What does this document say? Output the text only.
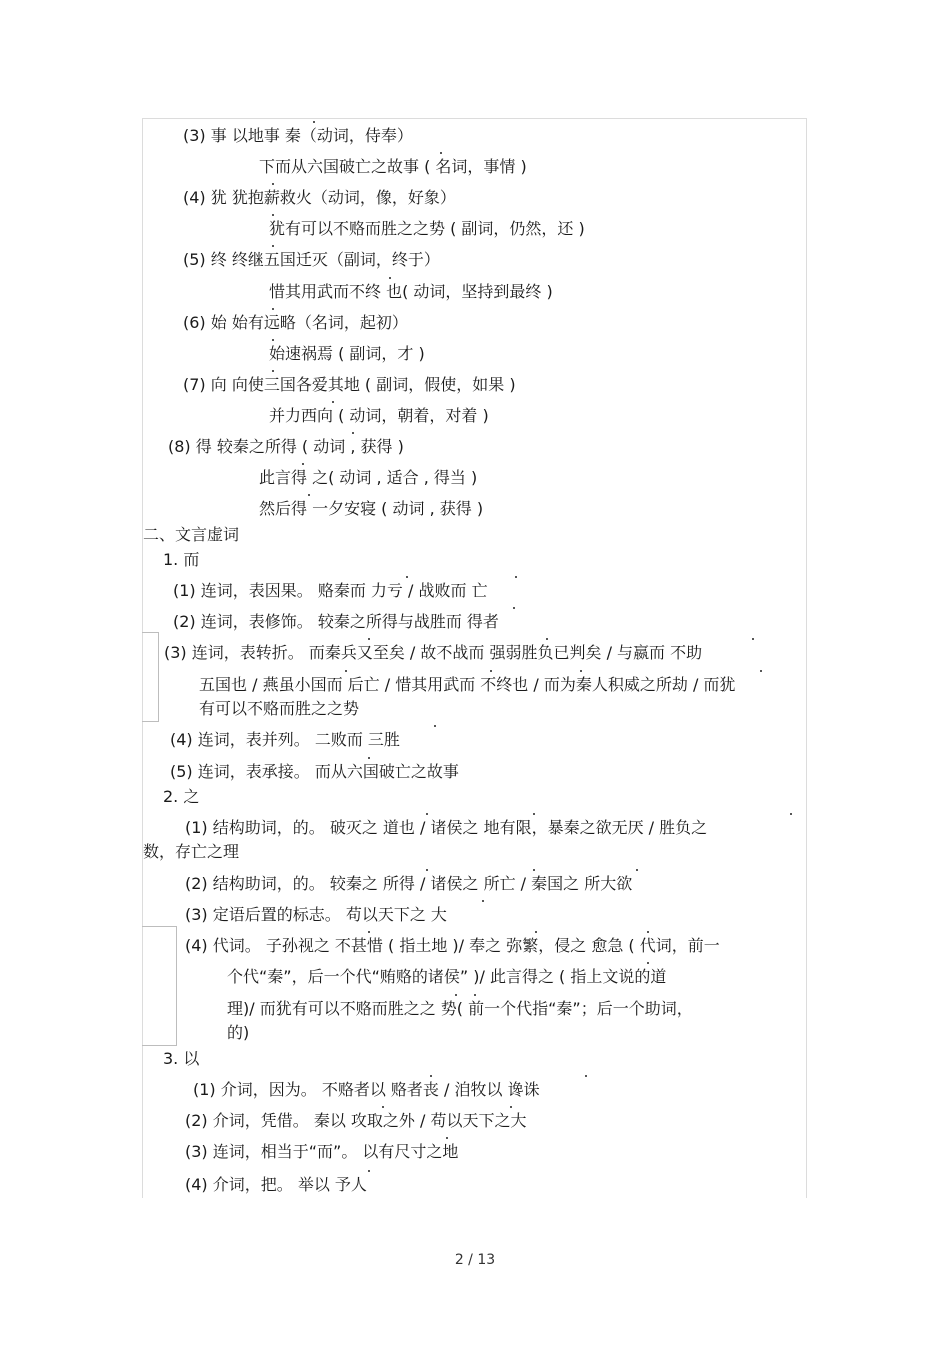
(3) 事 以地事 秦（动词，侍奉）
下而从六国破亡之故事 ( 名词，事情 )
(4) 犹 犹抱薪救火（动词，像，好象）
犹有可以不赂而胜之之势 ( 副词，仍然，还 )
(5) 终 终继五国迁灭（副词，终于）
惜其用武而不终 也( 动词，坚持到最终 )
(6) 始 始有远略（名词，起初）
始速祸焉 ( 副词，才 )
(7) 向 向使三国各爱其地 ( 副词，假使，如果 )
并力西向 ( 动词，朝着，对着 )
(8) 得 较秦之所得 ( 动词 , 获得 )
此言得 之( 动词 , 适合 , 得当 )
然后得 一夕安寝 ( 动词 , 获得 )
二、文言虚词
1. 而
(1) 连词，表因果。 赂秦而 力亏 / 战败而 亡
(2) 连词，表修饰。 较秦之所得与战胜而 得者
(3) 连词，表转折。 而秦兵又至矣 / 故不战而 强弱胜负已判矣 / 与嬴而 不助
五国也 / 燕虽小国而 后亡 / 惜其用武而 不终也 / 而为秦人积威之所劫 / 而犹
有可以不赂而胜之之势
(4) 连词，表并列。 二败而 三胜
(5) 连词，表承接。 而从六国破亡之故事
2. 之
(1) 结构助词，的。 破灭之 道也 / 诸侯之 地有限，暴秦之欲无厌 / 胜负之
数，存亡之理
(2) 结构助词，的。 较秦之 所得 / 诸侯之 所亡 / 秦国之 所大欲
(3) 定语后置的标志。 苟以天下之 大
(4) 代词。 子孙视之 不甚惜 ( 指土地 )/ 奉之 弥繁，侵之 愈急 ( 代词，前一
个代“秦”，后一个代“贿赂的诸侯” )/ 此言得之 ( 指上文说的道
理)/ 而犹有可以不赂而胜之之 势( 前一个代指“秦”；后一个助词，
的)
3. 以
(1) 介词，因为。 不赂者以 赂者丧 / 洎牧以 谗诛
(2) 介词，凭借。 秦以 攻取之外 / 苟以天下之大
(3) 连词，相当于“而”。 以有尺寸之地
(4) 介词，把。 举以 予人
2 / 13
